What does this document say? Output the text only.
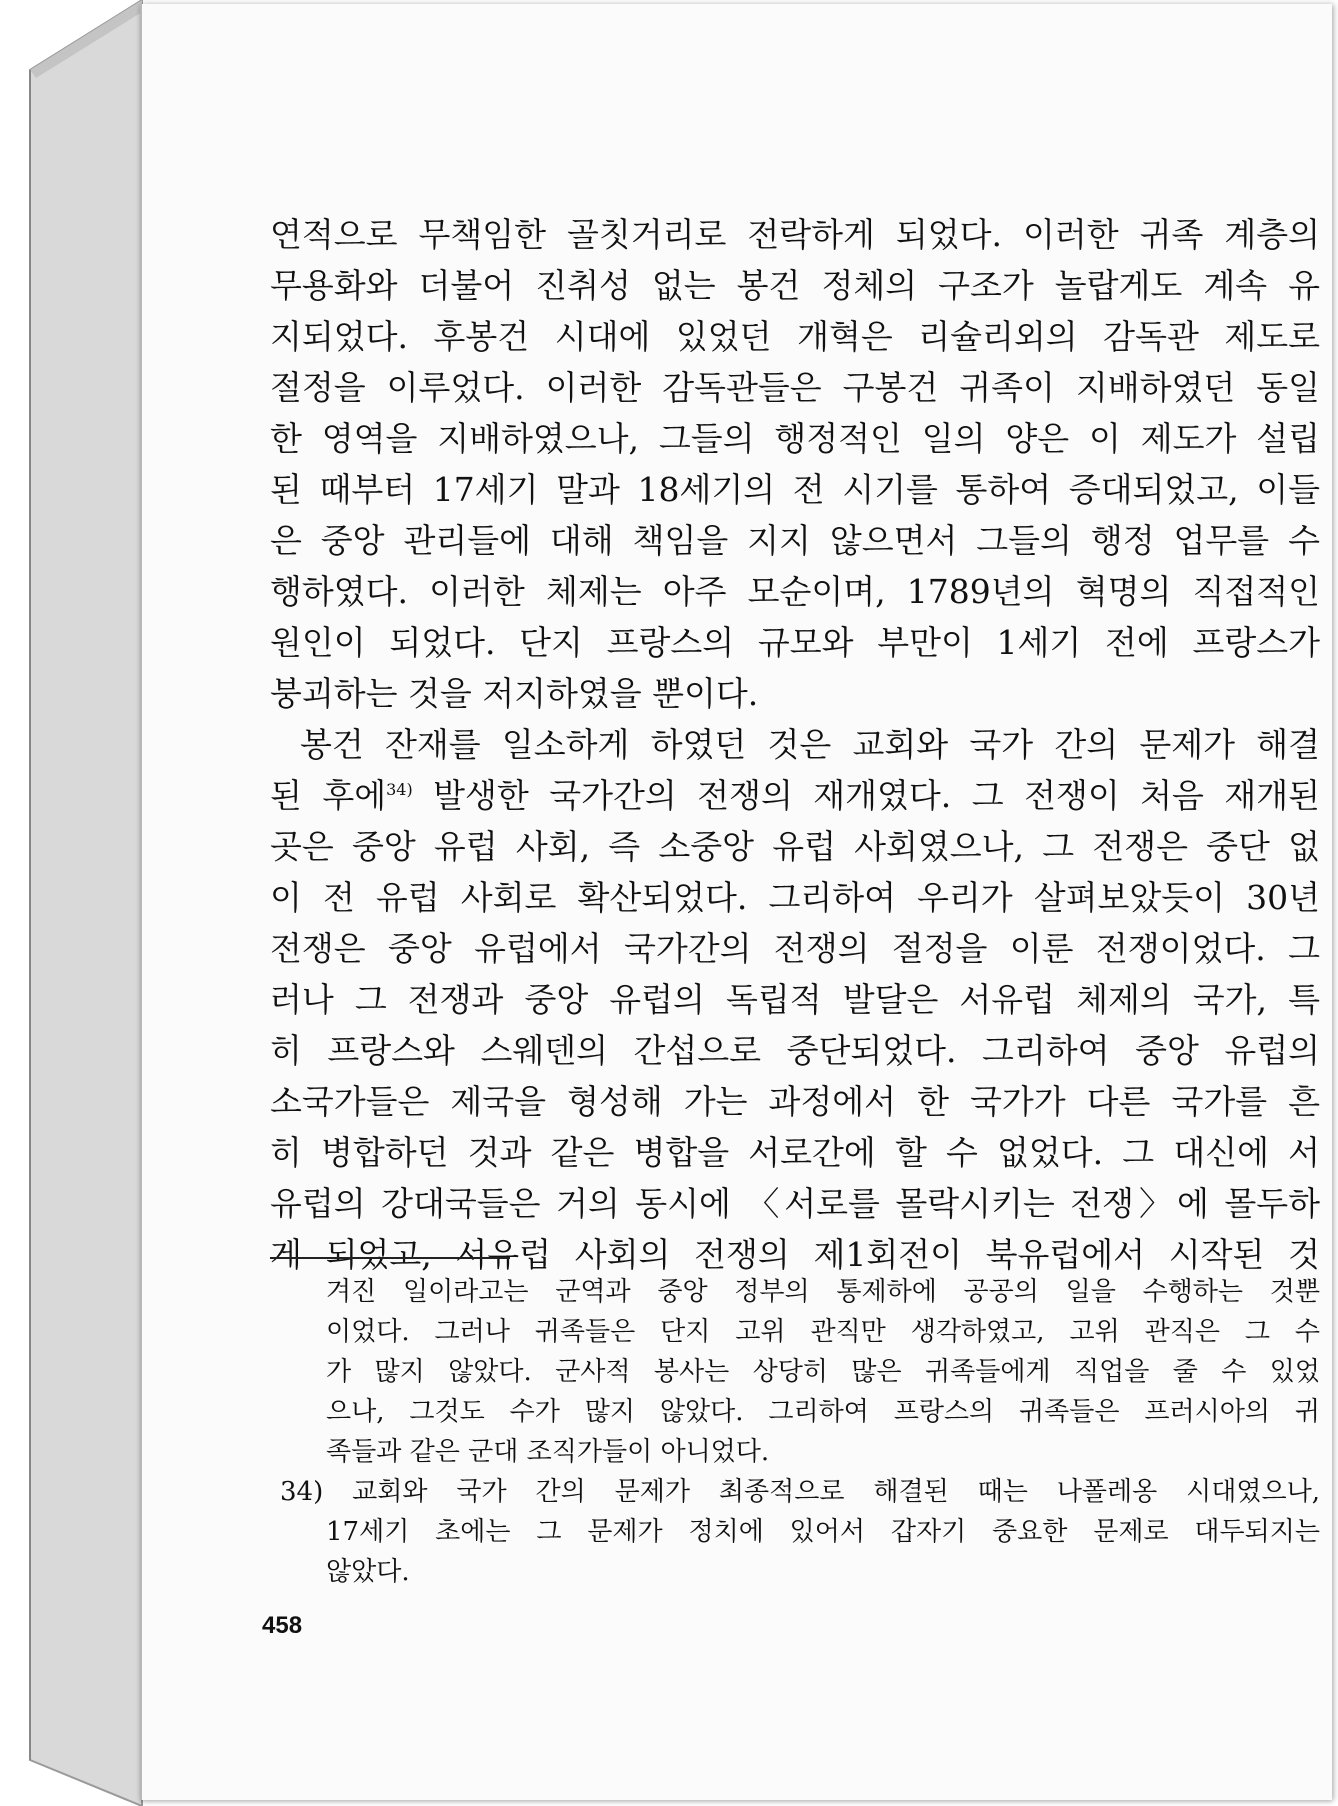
연적으로 무책임한 골칫거리로 전락하게 되었다. 이러한 귀족 계층의
무용화와 더불어 진취성 없는 봉건 정체의 구조가 놀랍게도 계속 유
지되었다. 후봉건 시대에 있었던 개혁은 리슐리외의 감독관 제도로
절정을 이루었다. 이러한 감독관들은 구봉건 귀족이 지배하였던 동일
한 영역을 지배하였으나, 그들의 행정적인 일의 양은 이 제도가 설립
된 때부터 17세기 말과 18세기의 전 시기를 통하여 증대되었고, 이들
은 중앙 관리들에 대해 책임을 지지 않으면서 그들의 행정 업무를 수
행하였다. 이러한 체제는 아주 모순이며, 1789년의 혁명의 직접적인
원인이 되었다. 단지 프랑스의 규모와 부만이 1세기 전에 프랑스가
붕괴하는 것을 저지하였을 뿐이다.
봉건 잔재를 일소하게 하였던 것은 교회와 국가 간의 문제가 해결
된 후에$^{34)}$ 발생한 국가간의 전쟁의 재개였다. 그 전쟁이 처음 재개된
곳은 중앙 유럽 사회, 즉 소중앙 유럽 사회였으나, 그 전쟁은 중단 없
이 전 유럽 사회로 확산되었다. 그리하여 우리가 살펴보았듯이 30년
전쟁은 중앙 유럽에서 국가간의 전쟁의 절정을 이룬 전쟁이었다. 그
러나 그 전쟁과 중앙 유럽의 독립적 발달은 서유럽 체제의 국가, 특
히 프랑스와 스웨덴의 간섭으로 중단되었다. 그리하여 중앙 유럽의
소국가들은 제국을 형성해 가는 과정에서 한 국가가 다른 국가를 흔
히 병합하던 것과 같은 병합을 서로간에 할 수 없었다. 그 대신에 서
유럽의 강대국들은 거의 동시에 〈서로를 몰락시키는 전쟁〉에 몰두하
게 되었고, 서유럽 사회의 전쟁의 제1회전이 북유럽에서 시작된 것
겨진 일이라고는 군역과 중앙 정부의 통제하에 공공의 일을 수행하는 것뿐
이었다. 그러나 귀족들은 단지 고위 관직만 생각하였고, 고위 관직은 그 수
가 많지 않았다. 군사적 봉사는 상당히 많은 귀족들에게 직업을 줄 수 있었
으나, 그것도 수가 많지 않았다. 그리하여 프랑스의 귀족들은 프러시아의 귀
족들과 같은 군대 조직가들이 아니었다.
34) 교회와 국가 간의 문제가 최종적으로 해결된 때는 나폴레옹 시대였으나,
17세기 초에는 그 문제가 정치에 있어서 갑자기 중요한 문제로 대두되지는
않았다.
458
